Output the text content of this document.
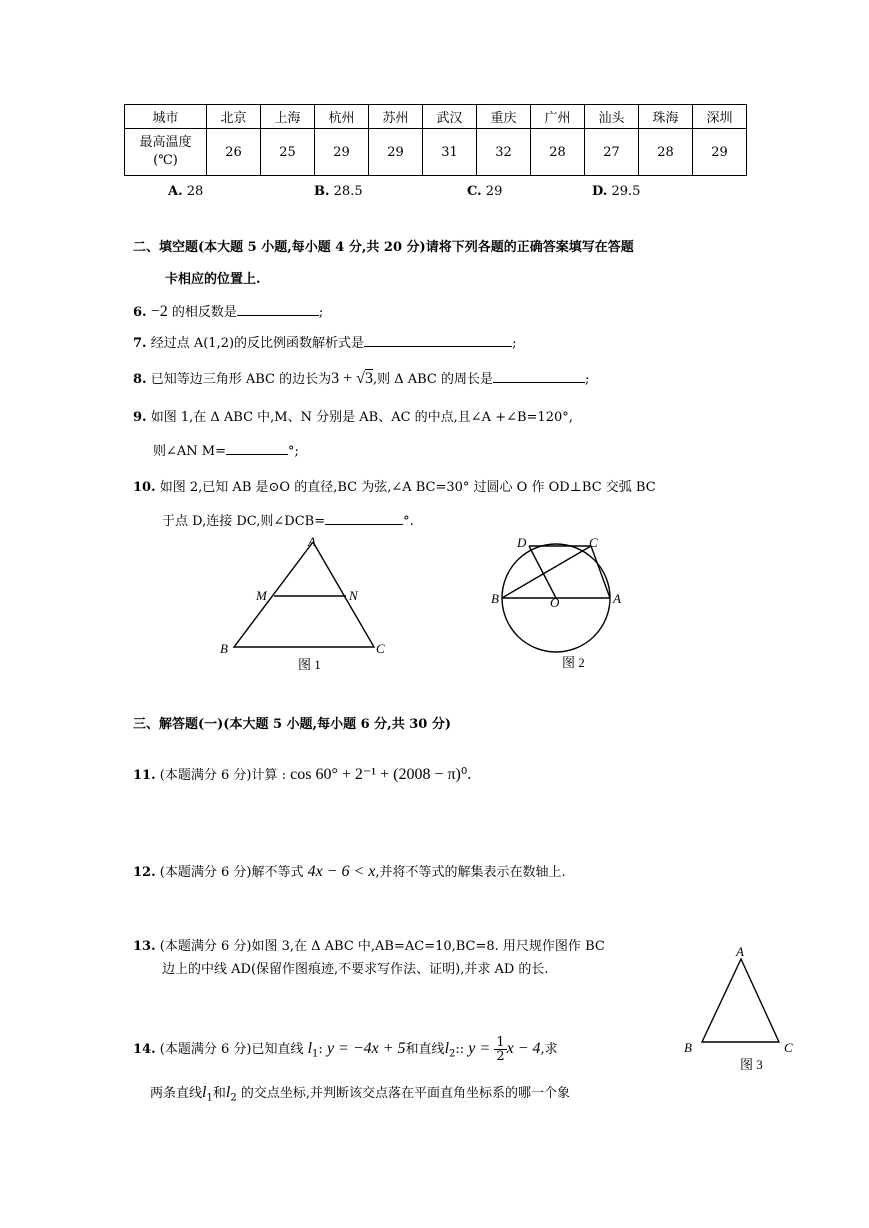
城市	北京	上海	杭州	苏州	武汉	重庆	广州	汕头	珠海	深圳
最高温度
(℃)	26	25	29	29	31	32	28	27	28	29
A. 28	B. 28.5	C. 29	D. 29.5
二、填空题(本大题 5 小题,每小题 4 分,共 20 分)请将下列各题的正确答案填写在答题
卡相应的位置上.
6. −2 的相反数是	;
7. 经过点 A(1,2)的反比例函数解析式是	;
8. 已知等边三角形 ABC 的边长为3 + √3,则 Δ ABC 的周长是	;
9. 如图 1,在 Δ ABC 中,M、N 分别是 AB、AC 的中点,且∠A +∠B=120°,
则∠AN M=	°;
10. 如图 2,已知 AB 是⊙O 的直径,BC 为弦,∠A BC=30° 过圆心 O 作 OD⊥BC 交弧 BC
于点 D,连接 DC,则∠DCB=	°.
A
M	N
B	C
图 1
D	C
B	O	A
图 2
三、解答题(一)(本大题 5 小题,每小题 6 分,共 30 分)
11. (本题满分 6 分)计算 : cos 60° + 2⁻¹ + (2008 − π)⁰.
12. (本题满分 6 分)解不等式 4x − 6 < x,并将不等式的解集表示在数轴上.
13. (本题满分 6 分)如图 3,在 Δ ABC 中,AB=AC=10,BC=8. 用尺规作图作 BC
边上的中线 AD(保留作图痕迹,不要求写作法、证明),并求 AD 的长.
A
B	C
图 3
14. (本题满分 6 分)已知直线 $l_1$: y = −4x + 5和直线$l_2$:: $y = \frac{1}{2}$ x − 4,求
两条直线$l_1$和$l_2$ 的交点坐标,并判断该交点落在平面直角坐标系的哪一个象
